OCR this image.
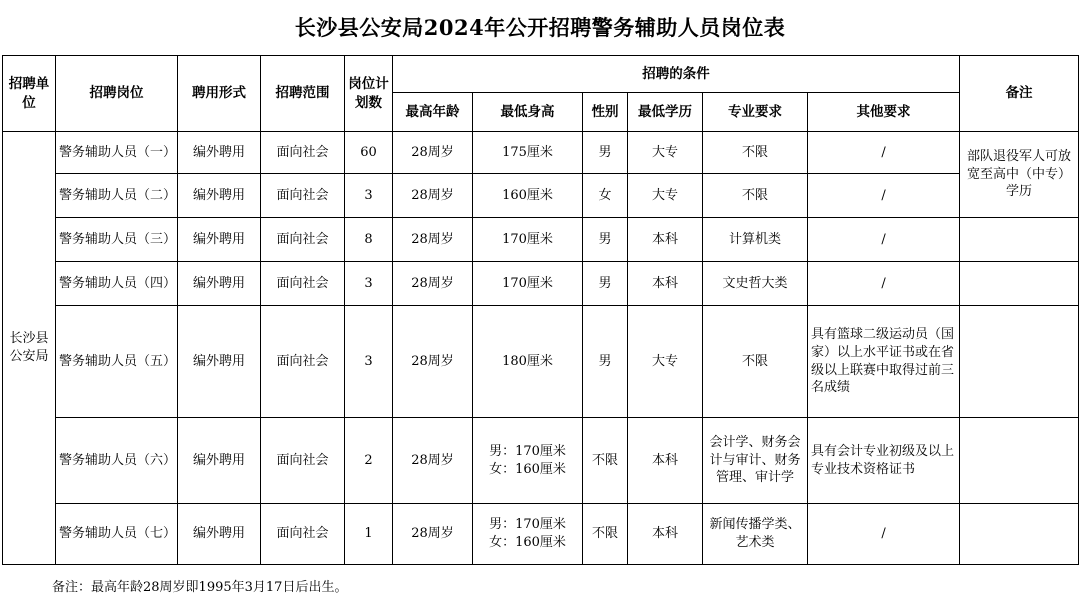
长沙县公安局2024年公开招聘警务辅助人员岗位表
招聘单位	招聘岗位	聘用形式	招聘范围	岗位计划数	招聘的条件						备注
					最高年龄	最低身高	性别	最低学历	专业要求	其他要求	
长沙县公安局	警务辅助人员（一）	编外聘用	面向社会	60	28周岁	175厘米	男	大专	不限	/	部队退役军人可放宽至高中（中专）学历
	警务辅助人员（二）	编外聘用	面向社会	3	28周岁	160厘米	女	大专	不限	/	
	警务辅助人员（三）	编外聘用	面向社会	8	28周岁	170厘米	男	本科	计算机类	/	
	警务辅助人员（四）	编外聘用	面向社会	3	28周岁	170厘米	男	本科	文史哲大类	/	
	警务辅助人员（五）	编外聘用	面向社会	3	28周岁	180厘米	男	大专	不限	具有篮球二级运动员（国家）以上水平证书或在省级以上联赛中取得过前三名成绩	
	警务辅助人员（六）	编外聘用	面向社会	2	28周岁	男：170厘米 女：160厘米	不限	本科	会计学、财务会计与审计、财务管理、审计学	具有会计专业初级及以上专业技术资格证书	
	警务辅助人员（七）	编外聘用	面向社会	1	28周岁	男：170厘米 女：160厘米	不限	本科	新闻传播学类、艺术类	/	
备注：最高年龄28周岁即1995年3月17日后出生。
